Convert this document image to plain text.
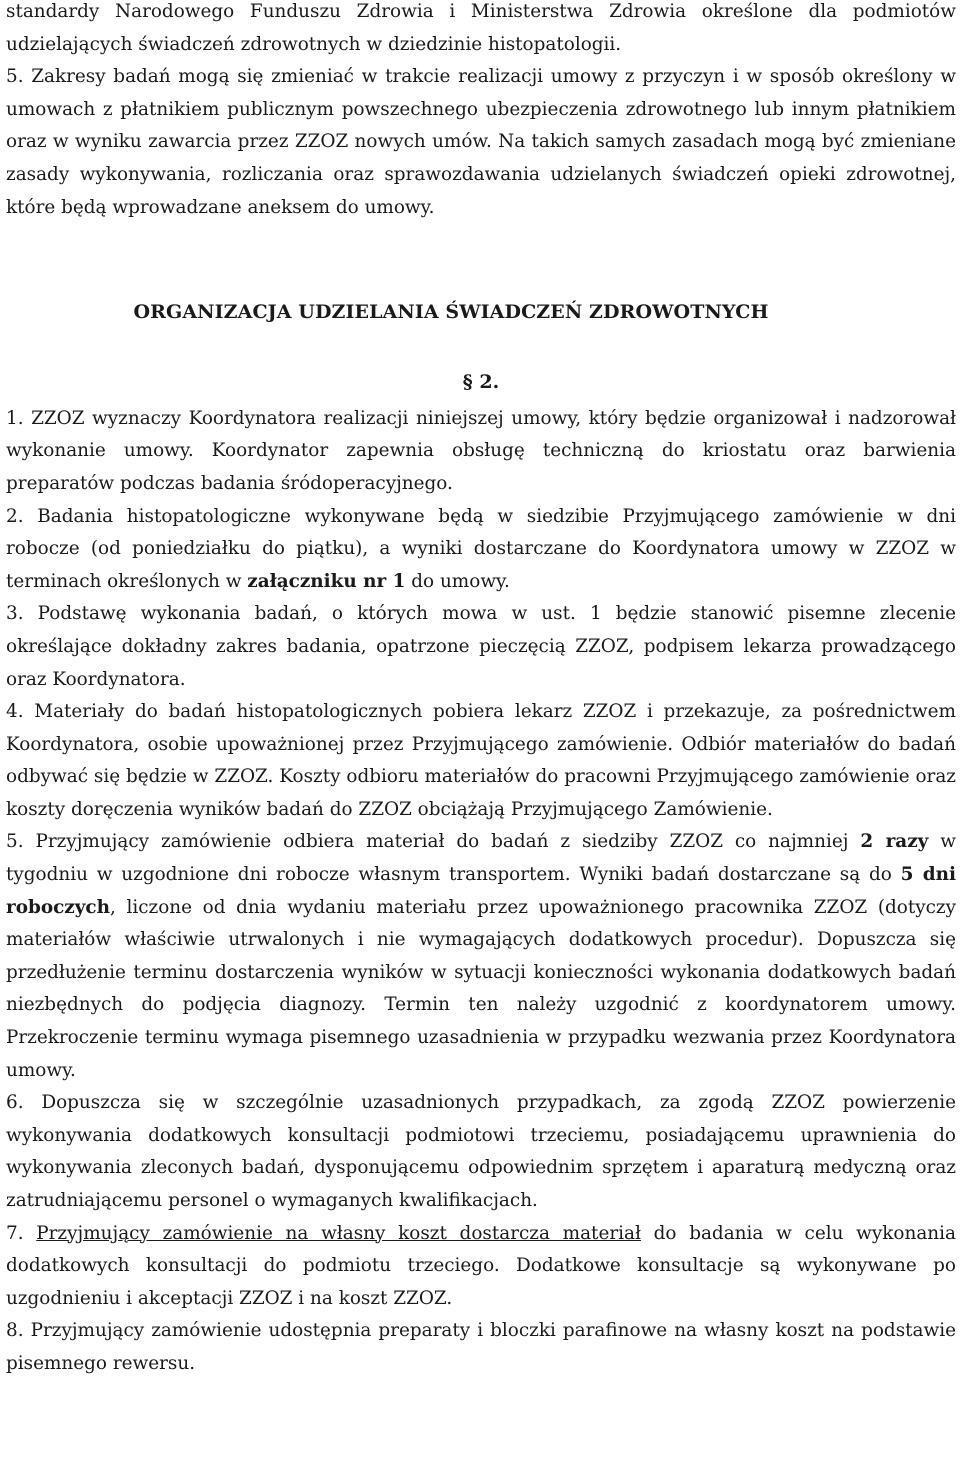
standardy Narodowego Funduszu Zdrowia i Ministerstwa Zdrowia określone dla podmiotów udzielających świadczeń zdrowotnych w dziedzinie histopatologii.

5. Zakresy badań mogą się zmieniać w trakcie realizacji umowy z przyczyn i w sposób określony w umowach z płatnikiem publicznym powszechnego ubezpieczenia zdrowotnego lub innym płatnikiem oraz w wyniku zawarcia przez ZZOZ nowych umów. Na takich samych zasadach mogą być zmieniane zasady wykonywania, rozliczania oraz sprawozdawania udzielanych świadczeń opieki zdrowotnej, które będą wprowadzane aneksem do umowy.

ORGANIZACJA UDZIELANIA ŚWIADCZEŃ ZDROWOTNYCH

§ 2.

1. ZZOZ wyznaczy Koordynatora realizacji niniejszej umowy, który będzie organizował i nadzorował wykonanie umowy. Koordynator zapewnia obsługę techniczną do kriostatu oraz barwienia preparatów podczas badania śródoperacyjnego.

2. Badania histopatologiczne wykonywane będą w siedzibie Przyjmującego zamówienie w dni robocze (od poniedziałku do piątku), a wyniki dostarczane do Koordynatora umowy w ZZOZ w terminach określonych w załączniku nr 1 do umowy.

3. Podstawę wykonania badań, o których mowa w ust. 1 będzie stanowić pisemne zlecenie określające dokładny zakres badania, opatrzone pieczęcią ZZOZ, podpisem lekarza prowadzącego oraz Koordynatora.

4. Materiały do badań histopatologicznych pobiera lekarz ZZOZ i przekazuje, za pośrednictwem Koordynatora, osobie upoważnionej przez Przyjmującego zamówienie. Odbiór materiałów do badań odbywać się będzie w ZZOZ. Koszty odbioru materiałów do pracowni Przyjmującego zamówienie oraz koszty doręczenia wyników badań do ZZOZ obciążają Przyjmującego Zamówienie.

5. Przyjmujący zamówienie odbiera materiał do badań z siedziby ZZOZ co najmniej 2 razy w tygodniu w uzgodnione dni robocze własnym transportem. Wyniki badań dostarczane są do 5 dni roboczych, liczone od dnia wydaniu materiału przez upoważnionego pracownika ZZOZ (dotyczy materiałów właściwie utrwalonych i nie wymagających dodatkowych procedur). Dopuszcza się przedłużenie terminu dostarczenia wyników w sytuacji konieczności wykonania dodatkowych badań niezbędnych do podjęcia diagnozy. Termin ten należy uzgodnić z koordynatorem umowy. Przekroczenie terminu wymaga pisemnego uzasadnienia w przypadku wezwania przez Koordynatora umowy.

6. Dopuszcza się w szczególnie uzasadnionych przypadkach, za zgodą ZZOZ powierzenie wykonywania dodatkowych konsultacji podmiotowi trzeciemu, posiadającemu uprawnienia do wykonywania zleconych badań, dysponującemu odpowiednim sprzętem i aparaturą medyczną oraz zatrudniającemu personel o wymaganych kwalifikacjach.

7. Przyjmujący zamówienie na własny koszt dostarcza materiał do badania w celu wykonania dodatkowych konsultacji do podmiotu trzeciego. Dodatkowe konsultacje są wykonywane po uzgodnieniu i akceptacji ZZOZ i na koszt ZZOZ.

8. Przyjmujący zamówienie udostępnia preparaty i bloczki parafinowe na własny koszt na podstawie pisemnego rewersu.
